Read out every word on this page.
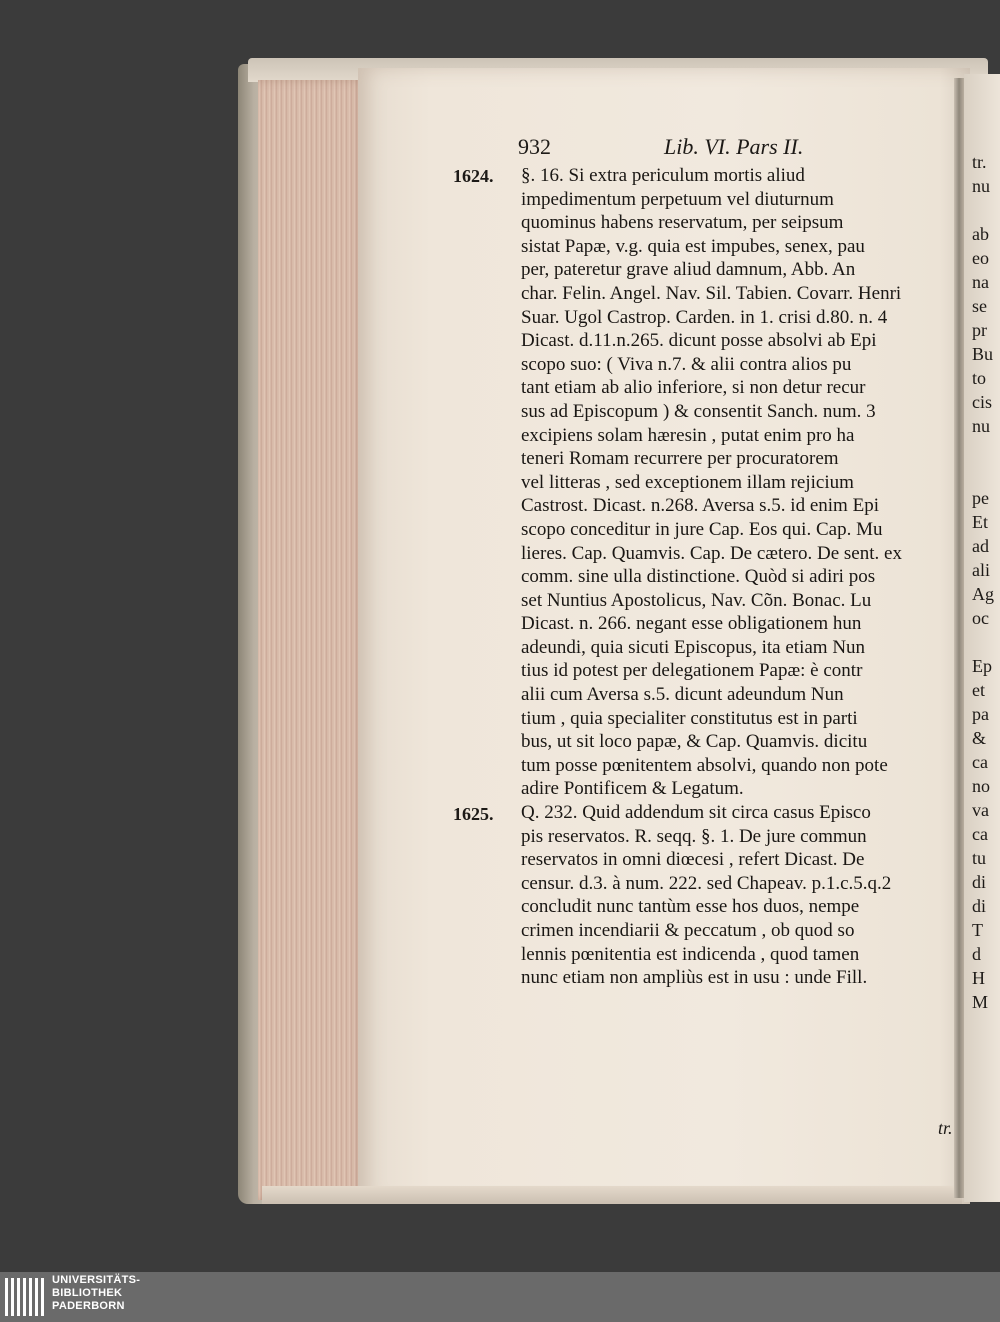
932	Lib. VI. Pars II.
1624.
1625.
§. 16. Si extra periculum mortis aliud
impedimentum perpetuum vel diuturnum
quominus habens reservatum, per seipsum
sistat Papæ, v.g. quia est impubes, senex, pau
per, pateretur grave aliud damnum, Abb. An
char. Felin. Angel. Nav. Sil. Tabien. Covarr. Henri
Suar. Ugol Castrop. Carden. in 1. crisi d.80. n. 4
Dicast. d.11.n.265. dicunt posse absolvi ab Epi
scopo suo: ( Viva n.7. & alii contra alios pu
tant etiam ab alio inferiore, si non detur recur
sus ad Episcopum ) & consentit Sanch. num. 3
excipiens solam hæresin , putat enim pro ha
teneri Romam recurrere per procuratorem
vel litteras , sed exceptionem illam rejicium
Castrost. Dicast. n.268. Aversa s.5. id enim Epi
scopo conceditur in jure Cap. Eos qui. Cap. Mu
lieres. Cap. Quamvis. Cap. De cætero. De sent. ex
comm. sine ulla distinctione. Quòd si adiri pos
set Nuntius Apostolicus, Nav. Cõn. Bonac. Lu
Dicast. n. 266. negant esse obligationem hun
adeundi, quia sicuti Episcopus, ita etiam Nun
tius id potest per delegationem Papæ: è contr
alii cum Aversa s.5. dicunt adeundum Nun
tium , quia specialiter constitutus est in parti
bus, ut sit loco papæ, & Cap. Quamvis. dicitu
tum posse pœnitentem absolvi, quando non pote
adire Pontificem & Legatum.
Q. 232. Quid addendum sit circa casus Episco
pis reservatos. R. seqq. §. 1. De jure commun
reservatos in omni diœcesi , refert Dicast. De
censur. d.3. à num. 222. sed Chapeav. p.1.c.5.q.2
concludit nunc tantùm esse hos duos, nempe
crimen incendiarii & peccatum , ob quod so
lennis pœnitentia est indicenda , quod tamen
nunc etiam non ampliùs est in usu : unde Fill.
tr.
tr.
nu
ab
eo
na
se
pr
Bu
to
cis
nu
pe
Et
ad
ali
Ag
oc
Ep
et
pa
&
ca
no
va
ca
tu
di
di
T
d
H
M
UNIVERSITÄTS-
BIBLIOTHEK
PADERBORN
